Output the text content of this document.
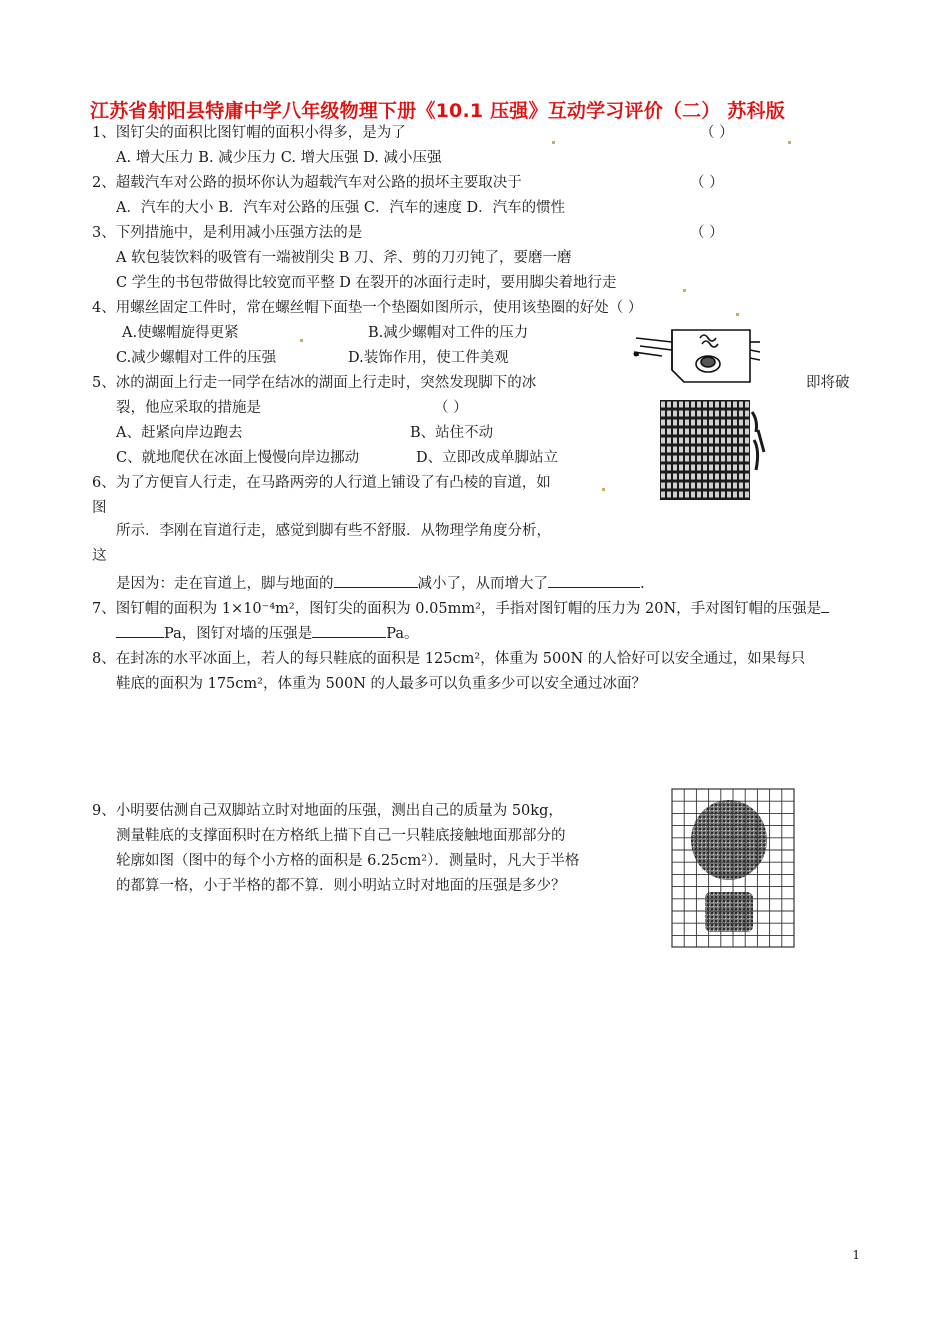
江苏省射阳县特庸中学八年级物理下册《10.1 压强》互动学习评价（二） 苏科版
1、图钉尖的面积比图钉帽的面积小得多，是为了	（ ）
A. 增大压力 B. 减少压力 C. 增大压强 D. 减小压强
2、超载汽车对公路的损坏你认为超载汽车对公路的损坏主要取决于	（ ）
A．汽车的大小 B．汽车对公路的压强 C．汽车的速度 D．汽车的惯性
3、下列措施中，是利用减小压强方法的是	（ ）
A 软包装饮料的吸管有一端被削尖 B 刀、斧、剪的刀刃钝了，要磨一磨
C 学生的书包带做得比较宽而平整 D 在裂开的冰面行走时，要用脚尖着地行走
4、用螺丝固定工件时，常在螺丝帽下面垫一个垫圈如图所示，使用该垫圈的好处（ ）
A.使螺帽旋得更紧	B.减少螺帽对工件的压力
C.减少螺帽对工件的压强	D.装饰作用，使工件美观
5、冰的湖面上行走一同学在结冰的湖面上行走时，突然发现脚下的冰	即将破
裂，他应采取的措施是	（ ）
A、赶紧向岸边跑去	B、站住不动
C、就地爬伏在冰面上慢慢向岸边挪动	D、立即改成单脚站立
6、为了方便盲人行走，在马路两旁的人行道上铺设了有凸棱的盲道，如
图
所示．李刚在盲道行走，感觉到脚有些不舒服．从物理学角度分析，
这
是因为：走在盲道上，脚与地面的	减小了，从而增大了	.
7、图钉帽的面积为 1×10⁻⁴m²，图钉尖的面积为 0.05mm²，手指对图钉帽的压力为 20N，手对图钉帽的压强是
Pa，图钉对墙的压强是	Pa。
8、在封冻的水平冰面上，若人的每只鞋底的面积是 125cm²，体重为 500N 的人恰好可以安全通过，如果每只
鞋底的面积为 175cm²，体重为 500N 的人最多可以负重多少可以安全通过冰面？
9、小明要估测自己双脚站立时对地面的压强，测出自己的质量为 50kg，
测量鞋底的支撑面积时在方格纸上描下自己一只鞋底接触地面那部分的
轮廓如图（图中的每个小方格的面积是 6.25cm²）．测量时，凡大于半格
的都算一格，小于半格的都不算．则小明站立时对地面的压强是多少？
1
